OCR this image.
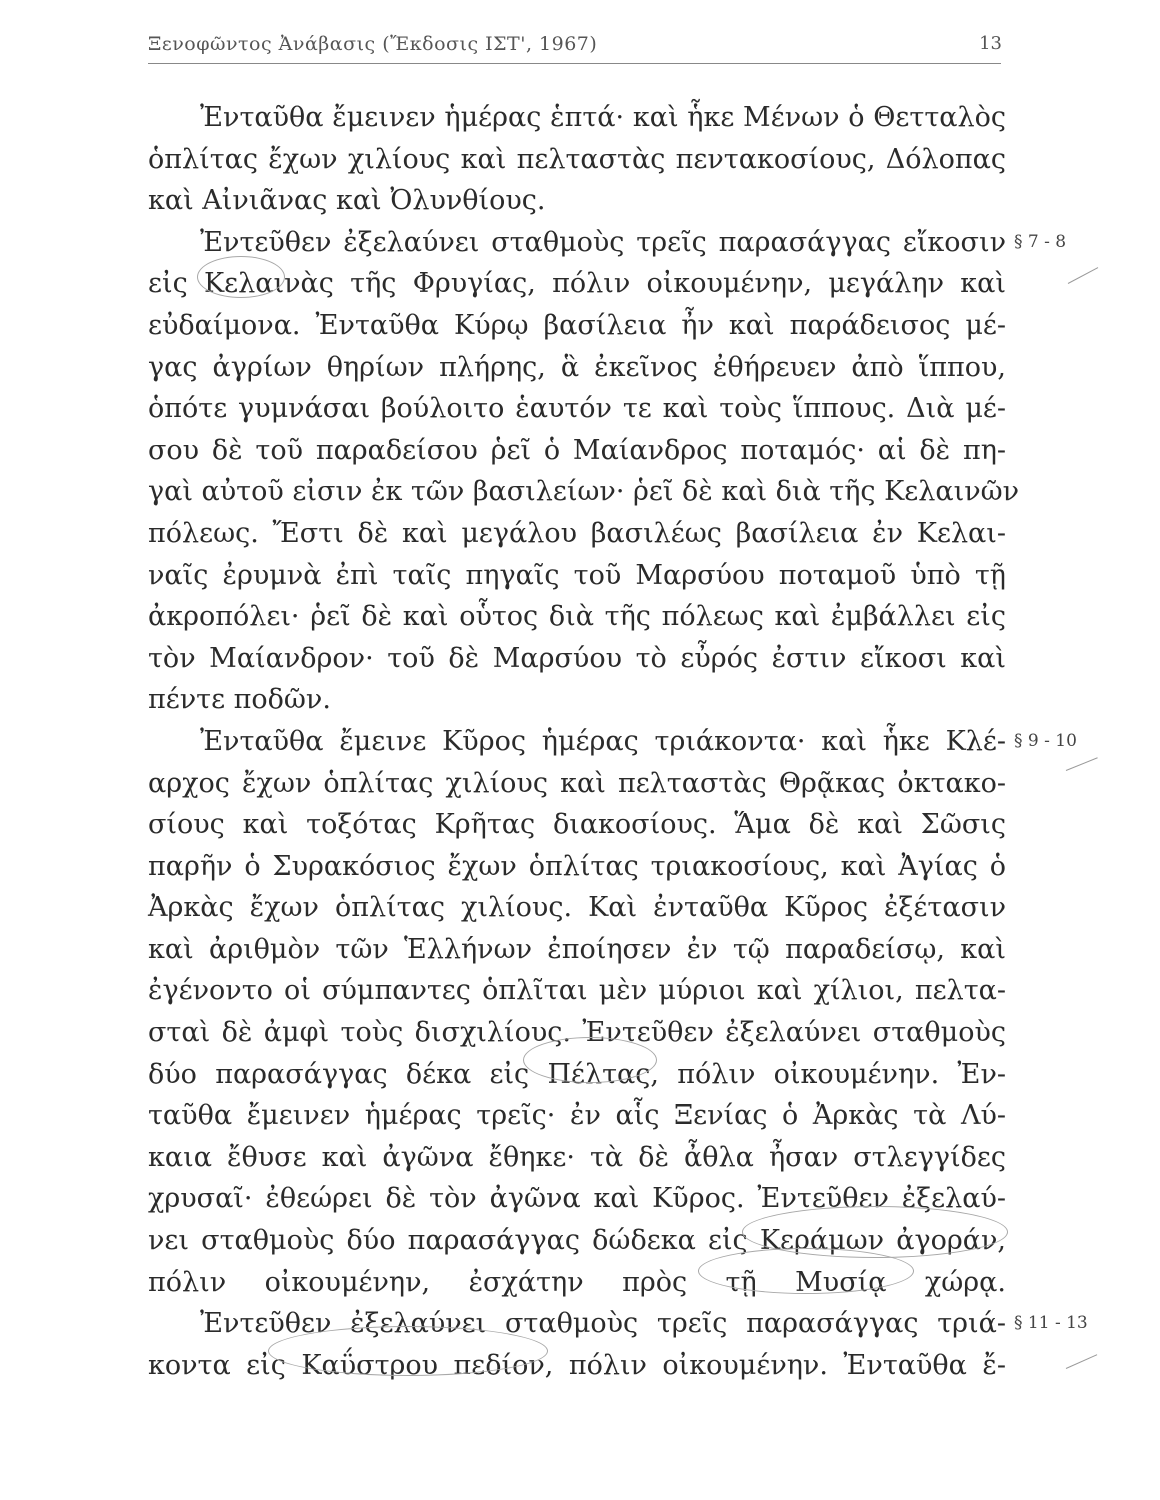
Ξενοφῶντος Ἀνάβασις (Ἔκδοσις ΙΣΤ', 1967)	13
Ἐνταῦθα ἔμεινεν ἡμέρας ἑπτά· καὶ ἧκε Μένων ὁ Θετταλὸς
ὁπλίτας ἔχων χιλίους καὶ πελταστὰς πεντακοσίους, Δόλοπας
καὶ Αἰνιᾶνας καὶ Ὀλυνθίους.
Ἐντεῦθεν ἐξελαύνει σταθμοὺς τρεῖς παρασάγγας εἴκοσιν § 7 - 8
εἰς Κελαινὰς τῆς Φρυγίας, πόλιν οἰκουμένην, μεγάλην καὶ
εὐδαίμονα. Ἐνταῦθα Κύρῳ βασίλεια ἦν καὶ παράδεισος μέ-
γας ἀγρίων θηρίων πλήρης, ἃ ἐκεῖνος ἐθήρευεν ἀπὸ ἵππου,
ὁπότε γυμνάσαι βούλοιτο ἑαυτόν τε καὶ τοὺς ἵππους. Διὰ μέ-
σου δὲ τοῦ παραδείσου ῥεῖ ὁ Μαίανδρος ποταμός· αἱ δὲ πη-
γαὶ αὐτοῦ εἰσιν ἐκ τῶν βασιλείων· ῥεῖ δὲ καὶ διὰ τῆς Κελαινῶν
πόλεως. Ἔστι δὲ καὶ μεγάλου βασιλέως βασίλεια ἐν Κελαι-
ναῖς ἐρυμνὰ ἐπὶ ταῖς πηγαῖς τοῦ Μαρσύου ποταμοῦ ὑπὸ τῇ
ἀκροπόλει· ῥεῖ δὲ καὶ οὗτος διὰ τῆς πόλεως καὶ ἐμβάλλει εἰς
τὸν Μαίανδρον· τοῦ δὲ Μαρσύου τὸ εὖρός ἐστιν εἴκοσι καὶ
πέντε ποδῶν.
Ἐνταῦθα ἔμεινε Κῦρος ἡμέρας τριάκοντα· καὶ ἧκε Κλέ- § 9 - 10
αρχος ἔχων ὁπλίτας χιλίους καὶ πελταστὰς Θρᾷκας ὀκτακο-
σίους καὶ τοξότας Κρῆτας διακοσίους. Ἅμα δὲ καὶ Σῶσις
παρῆν ὁ Συρακόσιος ἔχων ὁπλίτας τριακοσίους, καὶ Ἀγίας ὁ
Ἀρκὰς ἔχων ὁπλίτας χιλίους. Καὶ ἐνταῦθα Κῦρος ἐξέτασιν
καὶ ἀριθμὸν τῶν Ἑλλήνων ἐποίησεν ἐν τῷ παραδείσῳ, καὶ
ἐγένοντο οἱ σύμπαντες ὁπλῖται μὲν μύριοι καὶ χίλιοι, πελτα-
σταὶ δὲ ἀμφὶ τοὺς δισχιλίους. Ἐντεῦθεν ἐξελαύνει σταθμοὺς
δύο παρασάγγας δέκα εἰς Πέλτας, πόλιν οἰκουμένην. Ἐν-
ταῦθα ἔμεινεν ἡμέρας τρεῖς· ἐν αἷς Ξενίας ὁ Ἀρκὰς τὰ Λύ-
καια ἔθυσε καὶ ἀγῶνα ἔθηκε· τὰ δὲ ἆθλα ἦσαν στλεγγίδες
χρυσαῖ· ἐθεώρει δὲ τὸν ἀγῶνα καὶ Κῦρος. Ἐντεῦθεν ἐξελαύ-
νει σταθμοὺς δύο παρασάγγας δώδεκα εἰς Κεράμων ἀγοράν,
πόλιν οἰκουμένην, ἐσχάτην πρὸς τῇ Μυσίᾳ χώρᾳ.
Ἐντεῦθεν ἐξελαύνει σταθμοὺς τρεῖς παρασάγγας τριά- § 11 - 13
κοντα εἰς Καΰστρου πεδίον, πόλιν οἰκουμένην. Ἐνταῦθα ἔ-
